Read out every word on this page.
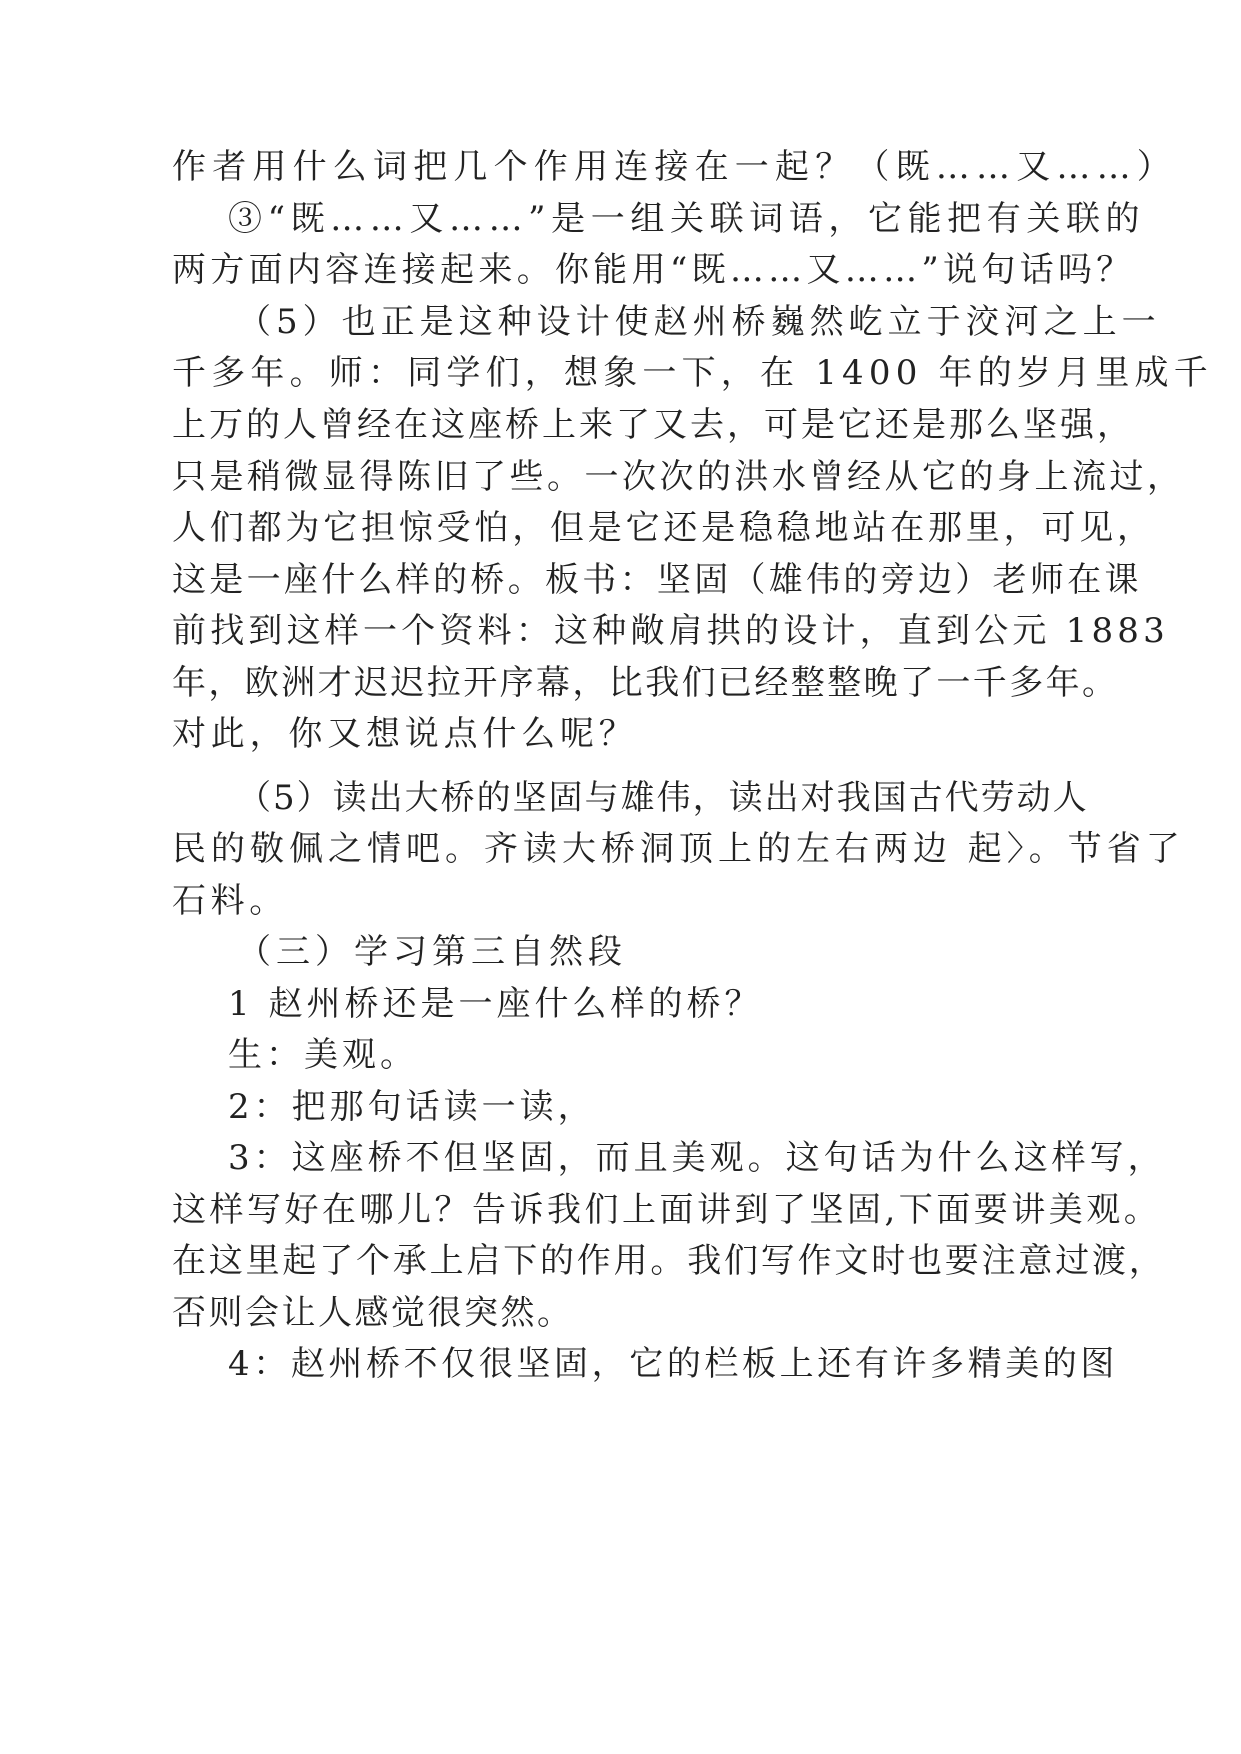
作者用什么词把几个作用连接在一起？（既……又……）
③“既……又……”是一组关联词语，它能把有关联的
两方面内容连接起来。你能用“既……又……”说句话吗？
（5）也正是这种设计使赵州桥巍然屹立于洨河之上一
千多年。师：同学们，想象一下，在 1400 年的岁月里成千
上万的人曾经在这座桥上来了又去，可是它还是那么坚强，
只是稍微显得陈旧了些。一次次的洪水曾经从它的身上流过，
人们都为它担惊受怕，但是它还是稳稳地站在那里，可见，
这是一座什么样的桥。板书：坚固（雄伟的旁边）老师在课
前找到这样一个资料：这种敞肩拱的设计，直到公元 1883
年，欧洲才迟迟拉开序幕，比我们已经整整晚了一千多年。
对此，你又想说点什么呢？
（5）读出大桥的坚固与雄伟，读出对我国古代劳动人
民的敬佩之情吧。齐读大桥洞顶上的左右两边 起〉。节省了
石料。
（三）学习第三自然段
1 赵州桥还是一座什么样的桥？
生：美观。
2：把那句话读一读，
3：这座桥不但坚固，而且美观。这句话为什么这样写，
这样写好在哪儿？告诉我们上面讲到了坚固,下面要讲美观。
在这里起了个承上启下的作用。我们写作文时也要注意过渡，
否则会让人感觉很突然。
4：赵州桥不仅很坚固，它的栏板上还有许多精美的图
